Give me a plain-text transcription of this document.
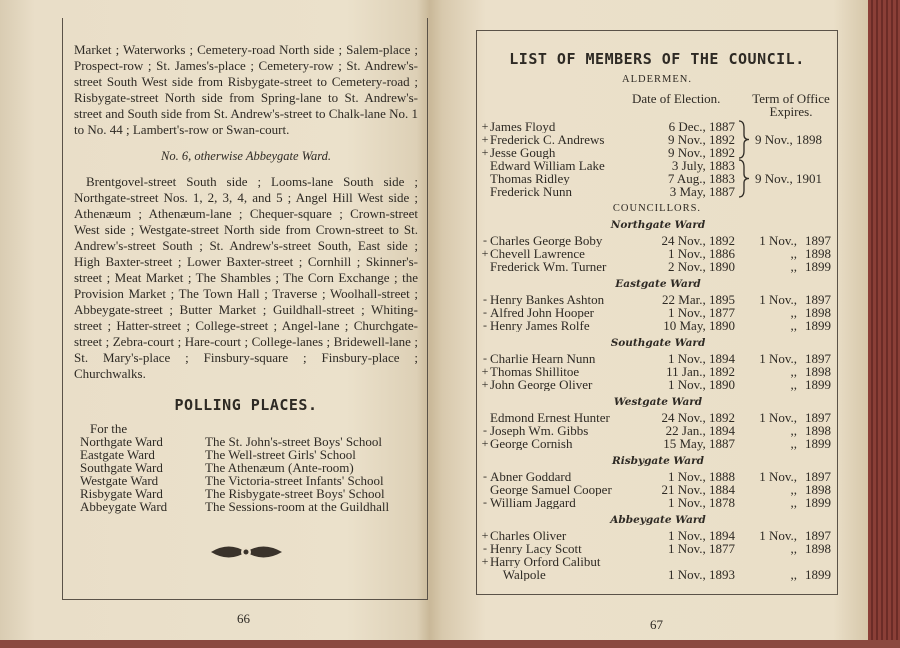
Market ; Waterworks ; Cemetery-road North side ; Salem-place ; Prospect-row ; St. James's-place ; Cemetery-row ; St. Andrew's-street South West side from Risbygate-street to Cemetery-road ; Risbygate-street North side from Spring-lane to St. Andrew's-street and South side from St. Andrew's-street to Chalk-lane No. 1 to No. 44 ; Lambert's-row or Swan-court.
No. 6, otherwise Abbeygate Ward.
Brentgovel-street South side ; Looms-lane South side ; Northgate-street Nos. 1, 2, 3, 4, and 5 ; Angel Hill West side ; Athenæum ; Athenæum-lane ; Chequer-square ; Crown-street West side ; Westgate-street North side from Crown-street to St. Andrew's-street South ; St. Andrew's-street South, East side ; High Baxter-street ; Lower Baxter-street ; Cornhill ; Skinner's-street ; Meat Market ; The Shambles ; The Corn Exchange ; the Provision Market ; The Town Hall ; Traverse ; Woolhall-street ; Abbeygate-street ; Butter Market ; Guildhall-street ; Whiting-street ; Hatter-street ; College-street ; Angel-lane ; Churchgate-street ; Zebra-court ; Hare-court ; College-lanes ; Bridewell-lane ; St. Mary's-place ; Finsbury-square ; Finsbury-place ; Churchwalks.
POLLING PLACES.
For the
Northgate Ward	The St. John's-street Boys' School
Eastgate Ward	The Well-street Girls' School
Southgate Ward	The Athenæum (Ante-room)
Westgate Ward	The Victoria-street Infants' School
Risbygate Ward	The Risbygate-street Boys' School
Abbeygate Ward	The Sessions-room at the Guildhall
66
LIST OF MEMBERS OF THE COUNCIL.
ALDERMEN.
Date of Election.	Term of Office
Expires.
+ James Floyd	6 Dec., 1887
+ Frederick C. Andrews	9 Nov., 1892
+ Jesse Gough	9 Nov., 1892
Edward William Lake	3 July, 1883
Thomas Ridley	7 Aug., 1883
Frederick Nunn	3 May, 1887
9 Nov., 1898
9 Nov., 1901
COUNCILLORS.
Northgate Ward
- Charles George Boby	24 Nov., 1892	1 Nov., 1897
+ Chevell Lawrence	1 Nov., 1886	,, 1898
Frederick Wm. Turner	2 Nov., 1890	,, 1899
Eastgate Ward
- Henry Bankes Ashton	22 Mar., 1895	1 Nov., 1897
- Alfred John Hooper	1 Nov., 1877	,, 1898
- Henry James Rolfe	10 May, 1890	,, 1899
Southgate Ward
- Charlie Hearn Nunn	1 Nov., 1894	1 Nov., 1897
+ Thomas Shillitoe	11 Jan., 1892	,, 1898
+ John George Oliver	1 Nov., 1890	,, 1899
Westgate Ward
Edmond Ernest Hunter	24 Nov., 1892	1 Nov., 1897
- Joseph Wm. Gibbs	22 Jan., 1894	,, 1898
+ George Cornish	15 May, 1887	,, 1899
Risbygate Ward
- Abner Goddard	1 Nov., 1888	1 Nov., 1897
George Samuel Cooper	21 Nov., 1884	,, 1898
- William Jaggard	1 Nov., 1878	,, 1899
Abbeygate Ward
+ Charles Oliver	1 Nov., 1894	1 Nov., 1897
- Henry Lacy Scott	1 Nov., 1877	,, 1898
+ Harry Orford Calibut
Walpole	1 Nov., 1893	,, 1899
67
